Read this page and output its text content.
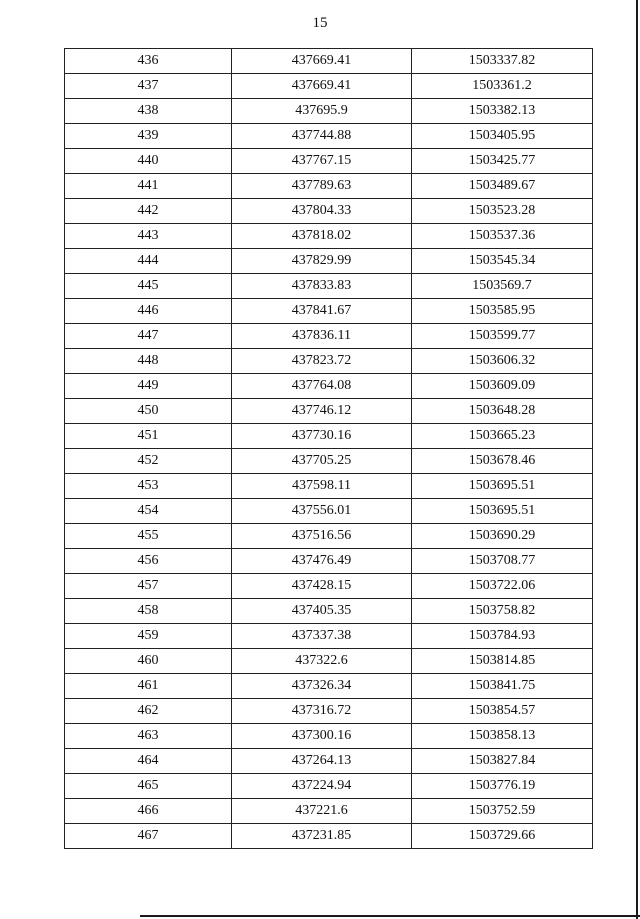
15
436	437669.41	1503337.82
437	437669.41	1503361.2
438	437695.9	1503382.13
439	437744.88	1503405.95
440	437767.15	1503425.77
441	437789.63	1503489.67
442	437804.33	1503523.28
443	437818.02	1503537.36
444	437829.99	1503545.34
445	437833.83	1503569.7
446	437841.67	1503585.95
447	437836.11	1503599.77
448	437823.72	1503606.32
449	437764.08	1503609.09
450	437746.12	1503648.28
451	437730.16	1503665.23
452	437705.25	1503678.46
453	437598.11	1503695.51
454	437556.01	1503695.51
455	437516.56	1503690.29
456	437476.49	1503708.77
457	437428.15	1503722.06
458	437405.35	1503758.82
459	437337.38	1503784.93
460	437322.6	1503814.85
461	437326.34	1503841.75
462	437316.72	1503854.57
463	437300.16	1503858.13
464	437264.13	1503827.84
465	437224.94	1503776.19
466	437221.6	1503752.59
467	437231.85	1503729.66
